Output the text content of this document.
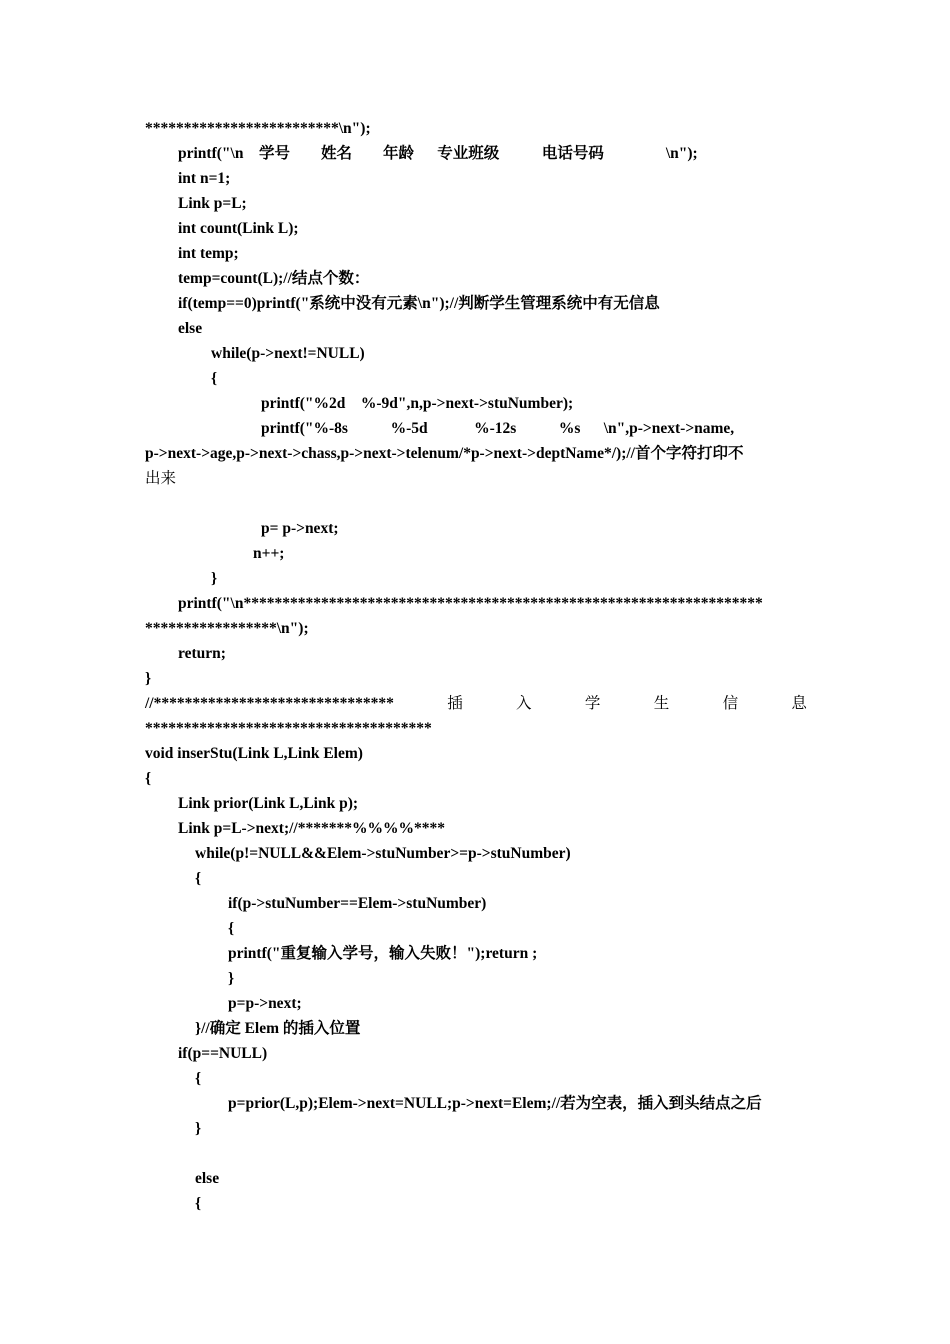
*************************\n");
printf("\n    学号        姓名        年龄      专业班级           电话号码                \n");
int n=1;
Link p=L;
int count(Link L);
int temp;
temp=count(L);//结点个数：
if(temp==0)printf("系统中没有元素\n");//判断学生管理系统中有无信息
else
while(p->next!=NULL)
{
printf("%2d    %-9d",n,p->next->stuNumber);
printf("%-8s           %-5d            %-12s           %s      \n",p->next->name,
p->next->age,p->next->chass,p->next->telenum/*p->next->deptName*/);//首个字符打印不
出来
p= p->next;
n++;
}
printf("\n*******************************************************************
*****************\n");
return;
}
//*******************************	插	入	学	生	信	息
*************************************
void inserStu(Link L,Link Elem)
{
Link prior(Link L,Link p);
Link p=L->next;//*******%%%%****
while(p!=NULL&&Elem->stuNumber>=p->stuNumber)
{
if(p->stuNumber==Elem->stuNumber)
{
printf("重复输入学号，输入失败！");return ;
}
p=p->next;
}//确定 Elem 的插入位置
if(p==NULL)
{
p=prior(L,p);Elem->next=NULL;p->next=Elem;//若为空表，插入到头结点之后
}
else
{
